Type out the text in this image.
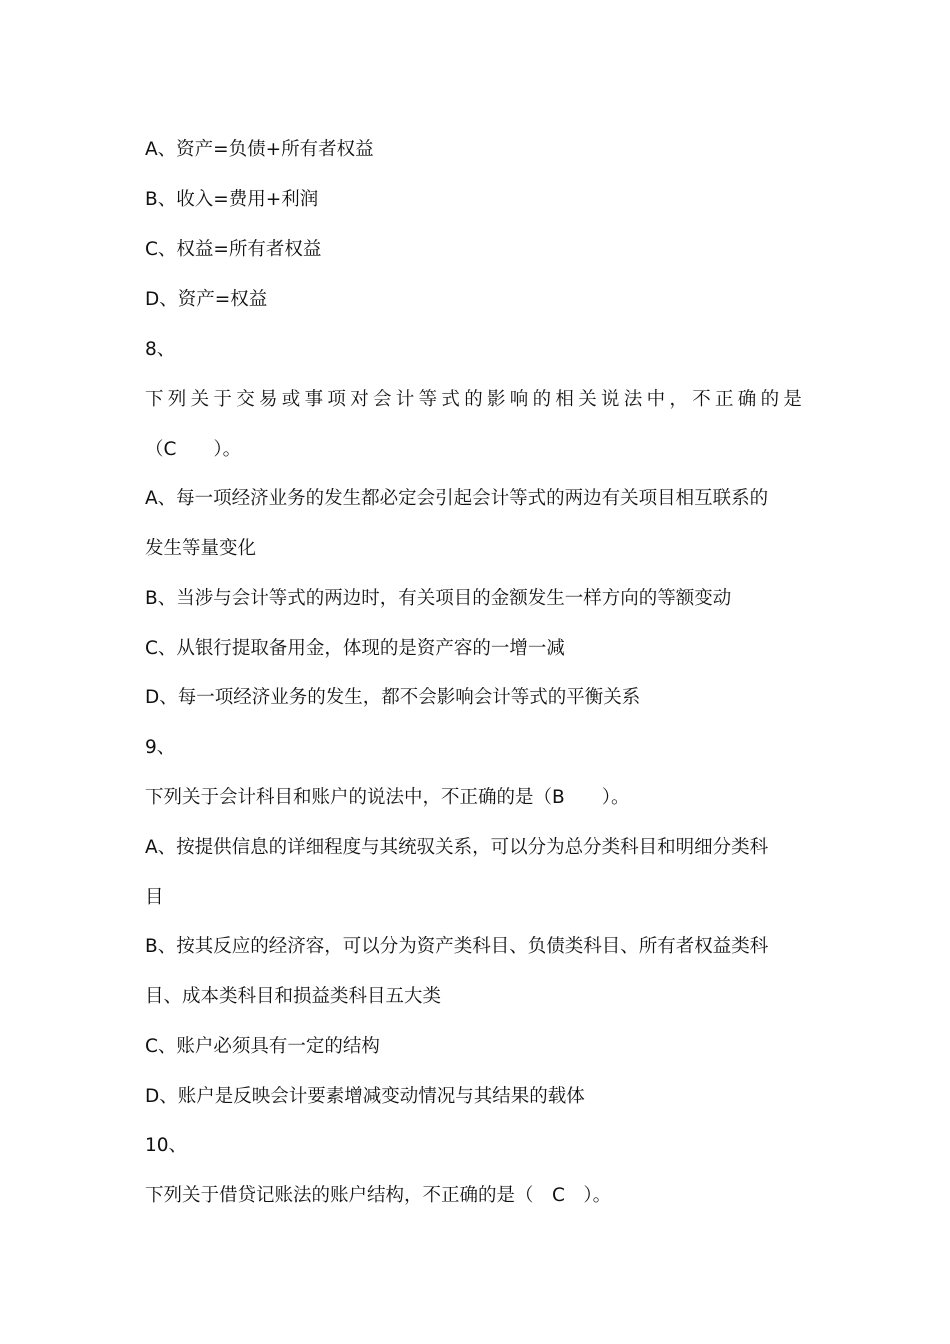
A、资产=负债+所有者权益
B、收入=费用+利润
C、权益=所有者权益
D、资产=权益
8、
下列关于交易或事项对会计等式的影响的相关说法中，不正确的是
（C　　）。
A、每一项经济业务的发生都必定会引起会计等式的两边有关项目相互联系的
发生等量变化
B、当涉与会计等式的两边时，有关项目的金额发生一样方向的等额变动
C、从银行提取备用金，体现的是资产容的一增一减
D、每一项经济业务的发生，都不会影响会计等式的平衡关系
9、
下列关于会计科目和账户的说法中，不正确的是（B　　）。
A、按提供信息的详细程度与其统驭关系，可以分为总分类科目和明细分类科
目
B、按其反应的经济容，可以分为资产类科目、负债类科目、所有者权益类科
目、成本类科目和损益类科目五大类
C、账户必须具有一定的结构
D、账户是反映会计要素增减变动情况与其结果的载体
10、
下列关于借贷记账法的账户结构，不正确的是（　C　）。
